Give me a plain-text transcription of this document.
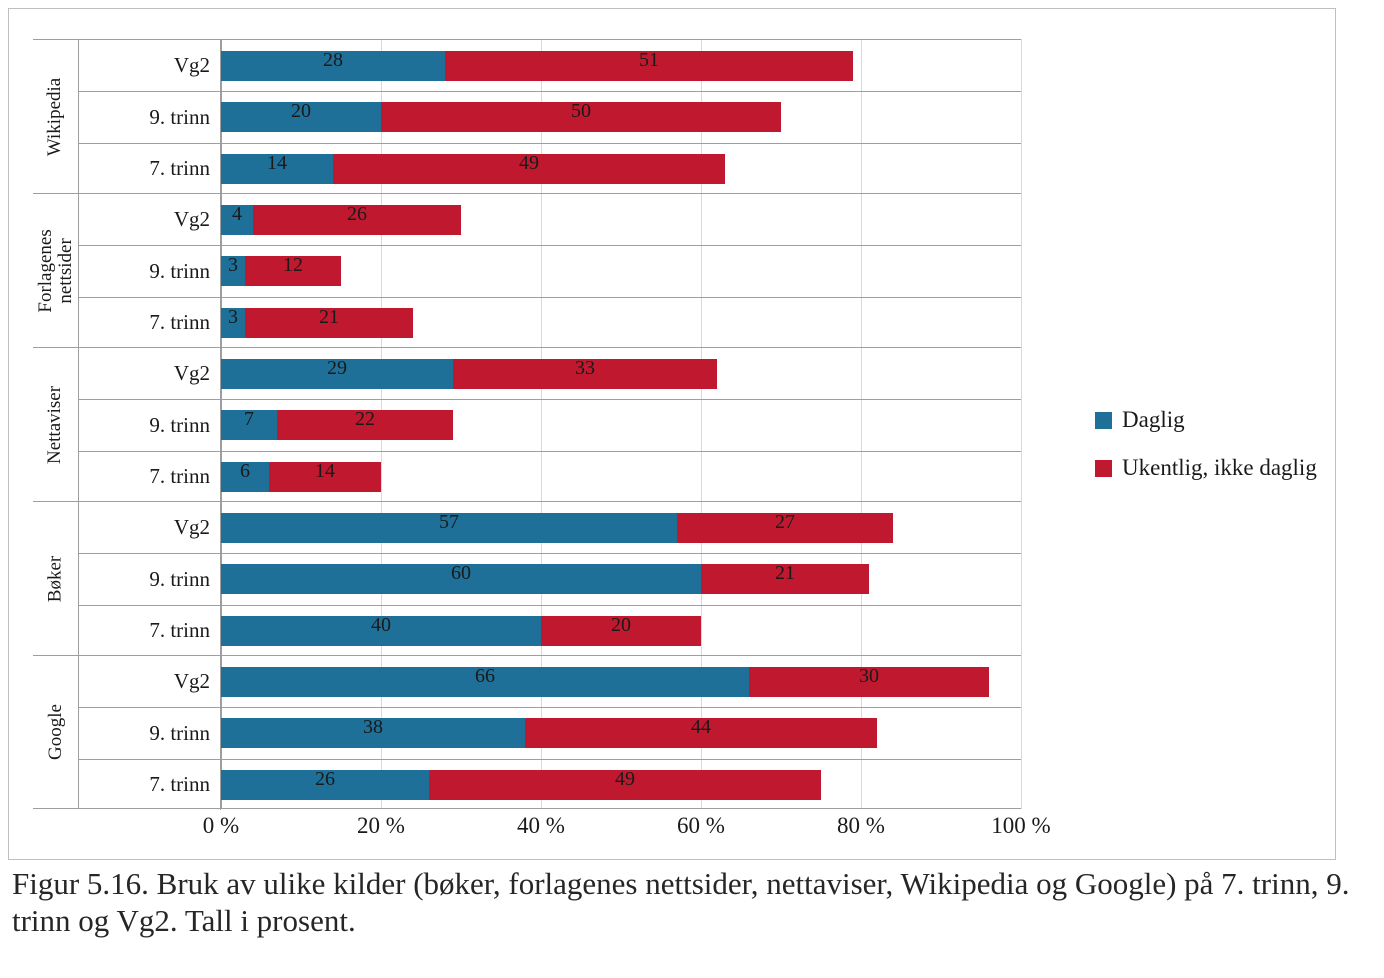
Wikipedia
Vg2	28	51
9. trinn	20	50
7. trinn	14	49
Forlagenes
nettsider
Vg2	4	26
9. trinn 3 12
7. trinn 3	21
Nettaviser
Vg2	29	33
9. trinn	7	22
7. trinn	6	14
Bøker
Vg2	57	27
9. trinn	60	21
7. trinn	40	20
Google
Vg2	66	30
9. trinn	38	44
7. trinn	26	49
0 %	20 %	40 %	60 %	80 %	100 %
Daglig
Ukentlig, ikke daglig
Figur 5.16. Bruk av ulike kilder (bøker, forlagenes nettsider, nettaviser, Wikipedia og Google) på 7. trinn, 9. trinn og Vg2. Tall i prosent.
